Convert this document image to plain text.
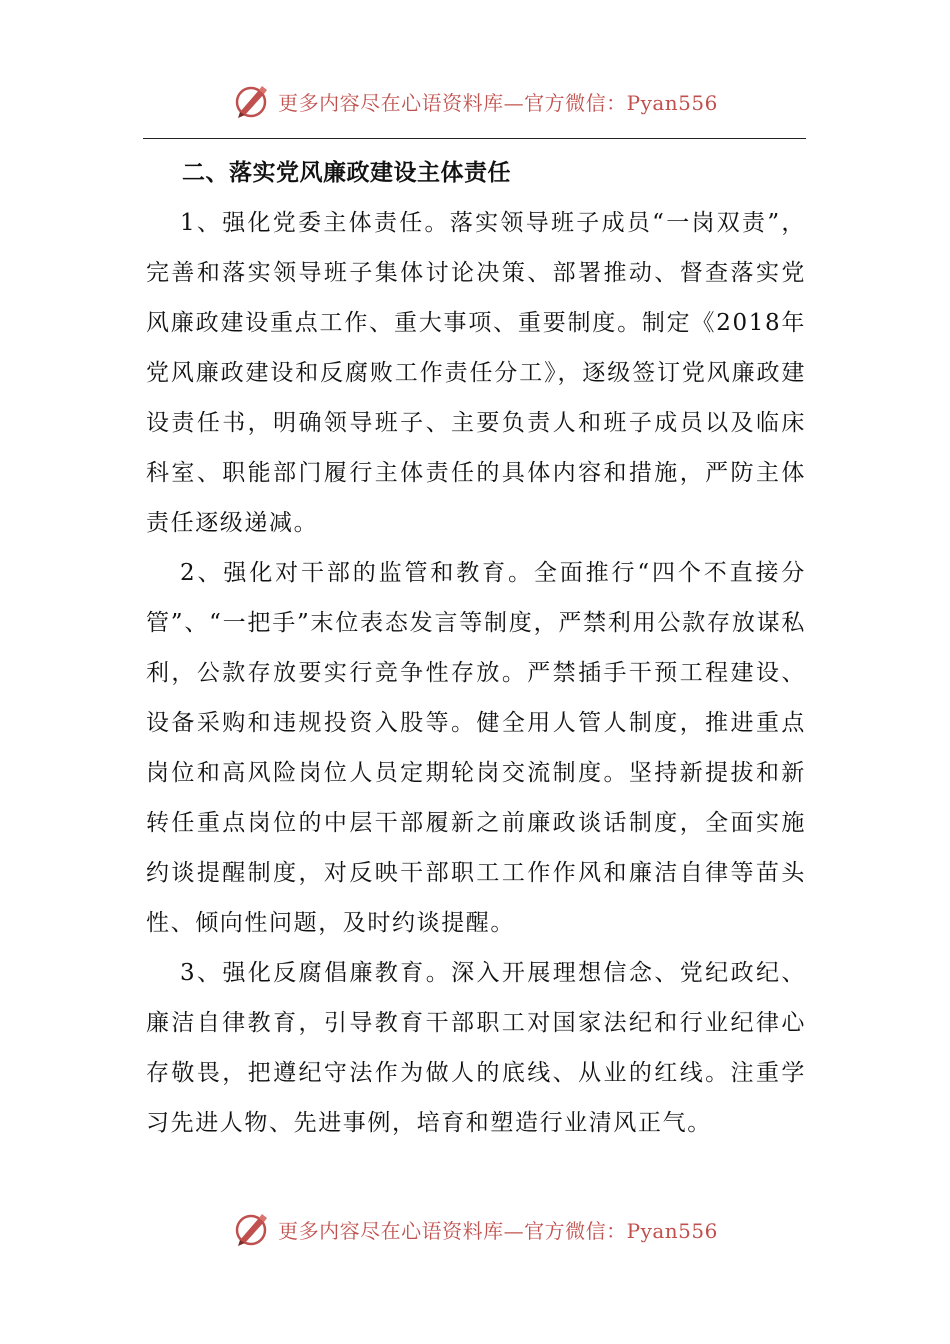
更多内容尽在心语资料库—官方微信：Pyan556
二、落实党风廉政建设主体责任

1、强化党委主体责任。落实领导班子成员“一岗双责”，完善和落实领导班子集体讨论决策、部署推动、督查落实党风廉政建设重点工作、重大事项、重要制度。制定《2018年党风廉政建设和反腐败工作责任分工》，逐级签订党风廉政建设责任书，明确领导班子、主要负责人和班子成员以及临床科室、职能部门履行主体责任的具体内容和措施，严防主体责任逐级递减。

2、强化对干部的监管和教育。全面推行“四个不直接分管”、“一把手”末位表态发言等制度，严禁利用公款存放谋私利，公款存放要实行竞争性存放。严禁插手干预工程建设、设备采购和违规投资入股等。健全用人管人制度，推进重点岗位和高风险岗位人员定期轮岗交流制度。坚持新提拔和新转任重点岗位的中层干部履新之前廉政谈话制度，全面实施约谈提醒制度，对反映干部职工工作作风和廉洁自律等苗头性、倾向性问题，及时约谈提醒。

3、强化反腐倡廉教育。深入开展理想信念、党纪政纪、廉洁自律教育，引导教育干部职工对国家法纪和行业纪律心存敬畏，把遵纪守法作为做人的底线、从业的红线。注重学习先进人物、先进事例，培育和塑造行业清风正气。

更多内容尽在心语资料库—官方微信：Pyan556
